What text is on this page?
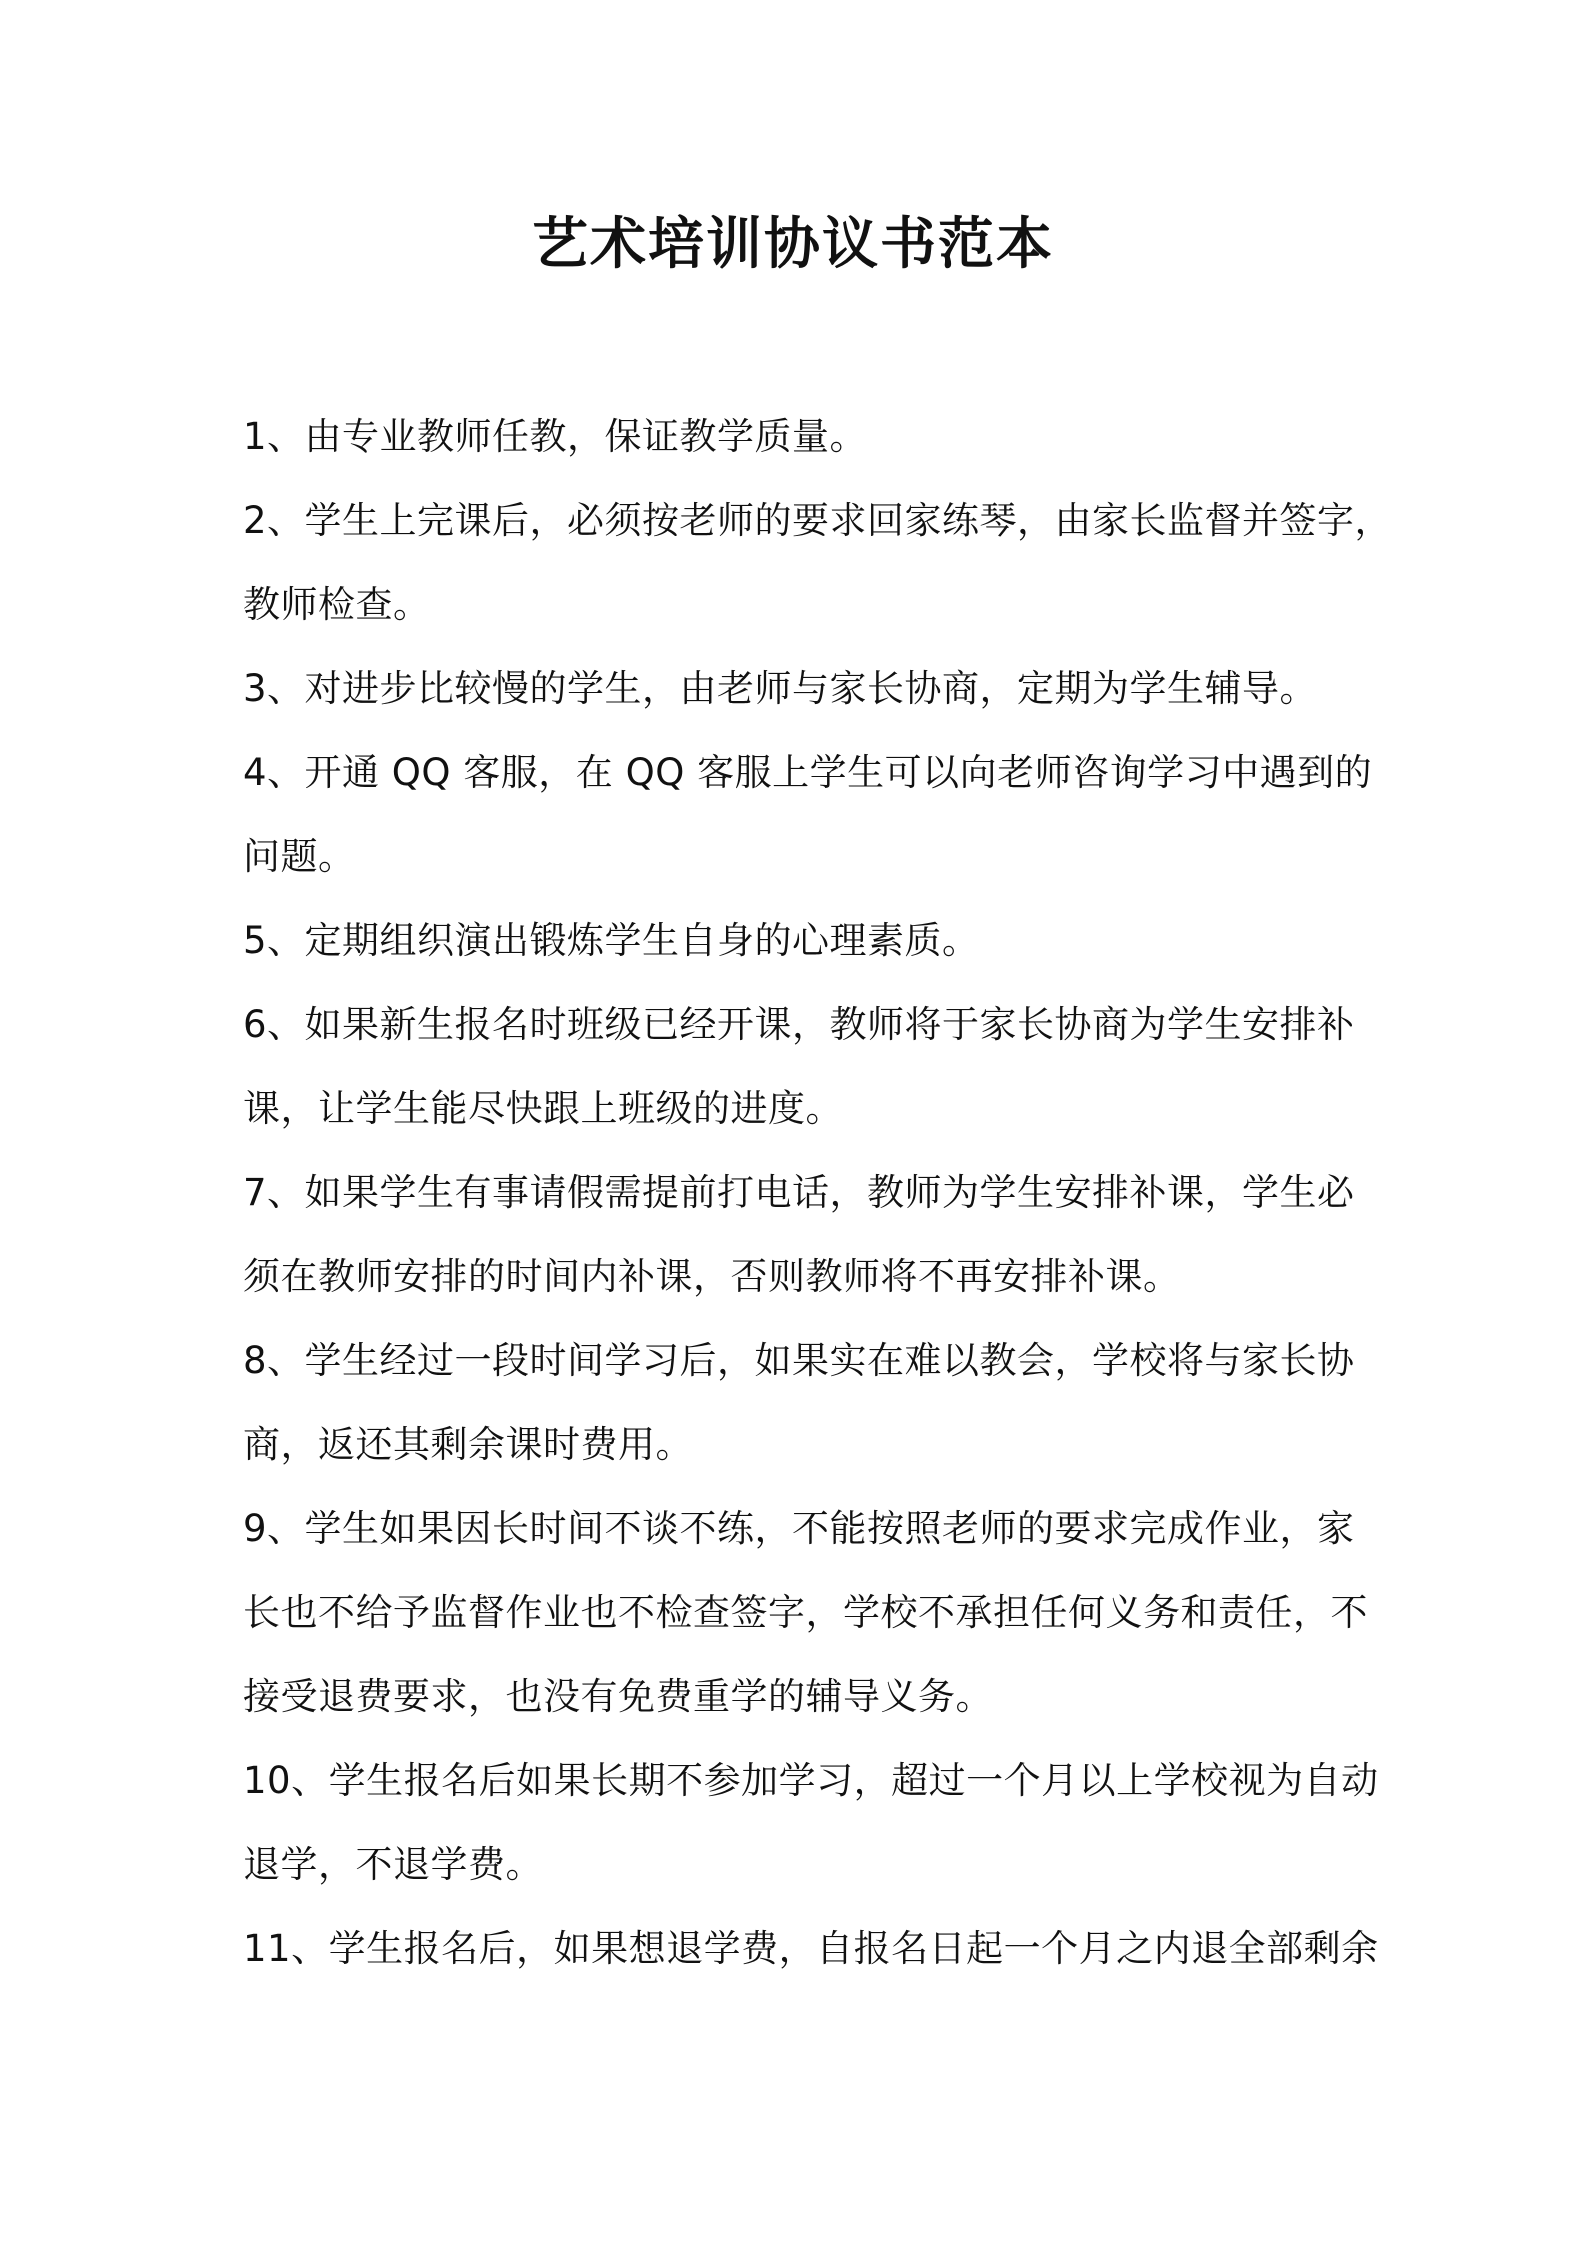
艺术培训协议书范本
1、由专业教师任教，保证教学质量。
2、学生上完课后，必须按老师的要求回家练琴，由家长监督并签字，
教师检查。
3、对进步比较慢的学生，由老师与家长协商，定期为学生辅导。
4、开通 QQ 客服，在 QQ 客服上学生可以向老师咨询学习中遇到的
问题。
5、定期组织演出锻炼学生自身的心理素质。
6、如果新生报名时班级已经开课，教师将于家长协商为学生安排补
课，让学生能尽快跟上班级的进度。
7、如果学生有事请假需提前打电话，教师为学生安排补课，学生必
须在教师安排的时间内补课，否则教师将不再安排补课。
8、学生经过一段时间学习后，如果实在难以教会，学校将与家长协
商，返还其剩余课时费用。
9、学生如果因长时间不谈不练，不能按照老师的要求完成作业，家
长也不给予监督作业也不检查签字，学校不承担任何义务和责任，不
接受退费要求，也没有免费重学的辅导义务。
10、学生报名后如果长期不参加学习，超过一个月以上学校视为自动
退学，不退学费。
11、学生报名后，如果想退学费，自报名日起一个月之内退全部剩余
